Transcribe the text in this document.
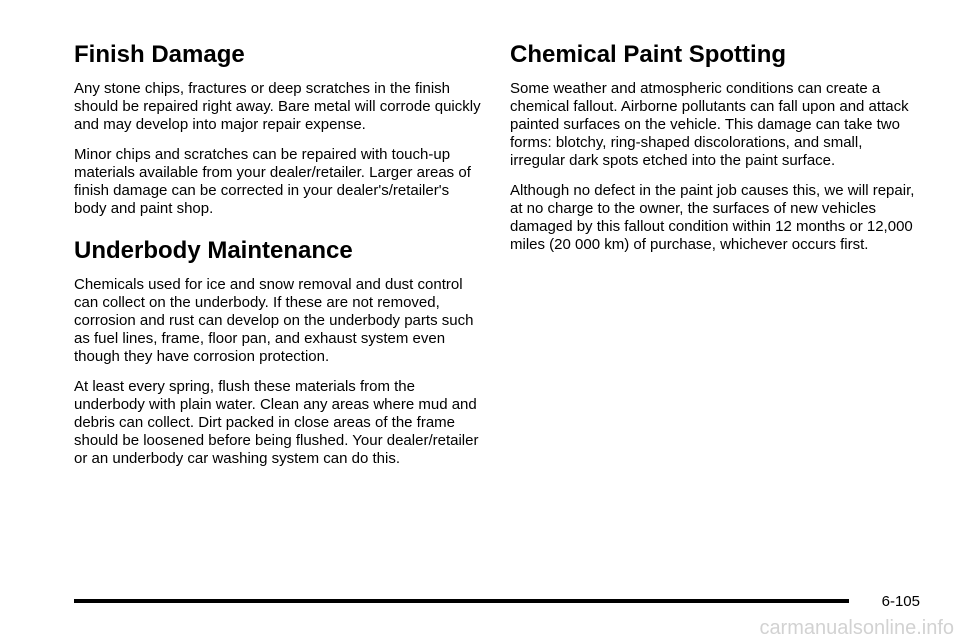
Finish Damage

Any stone chips, fractures or deep scratches in the finish should be repaired right away. Bare metal will corrode quickly and may develop into major repair expense.

Minor chips and scratches can be repaired with touch-up materials available from your dealer/retailer. Larger areas of finish damage can be corrected in your dealer's/retailer's body and paint shop.

Underbody Maintenance

Chemicals used for ice and snow removal and dust control can collect on the underbody. If these are not removed, corrosion and rust can develop on the underbody parts such as fuel lines, frame, floor pan, and exhaust system even though they have corrosion protection.

At least every spring, flush these materials from the underbody with plain water. Clean any areas where mud and debris can collect. Dirt packed in close areas of the frame should be loosened before being flushed. Your dealer/retailer or an underbody car washing system can do this.

Chemical Paint Spotting

Some weather and atmospheric conditions can create a chemical fallout. Airborne pollutants can fall upon and attack painted surfaces on the vehicle. This damage can take two forms: blotchy, ring-shaped discolorations, and small, irregular dark spots etched into the paint surface.

Although no defect in the paint job causes this, we will repair, at no charge to the owner, the surfaces of new vehicles damaged by this fallout condition within 12 months or 12,000 miles (20 000 km) of purchase, whichever occurs first.

6-105
carmanualsonline.info
